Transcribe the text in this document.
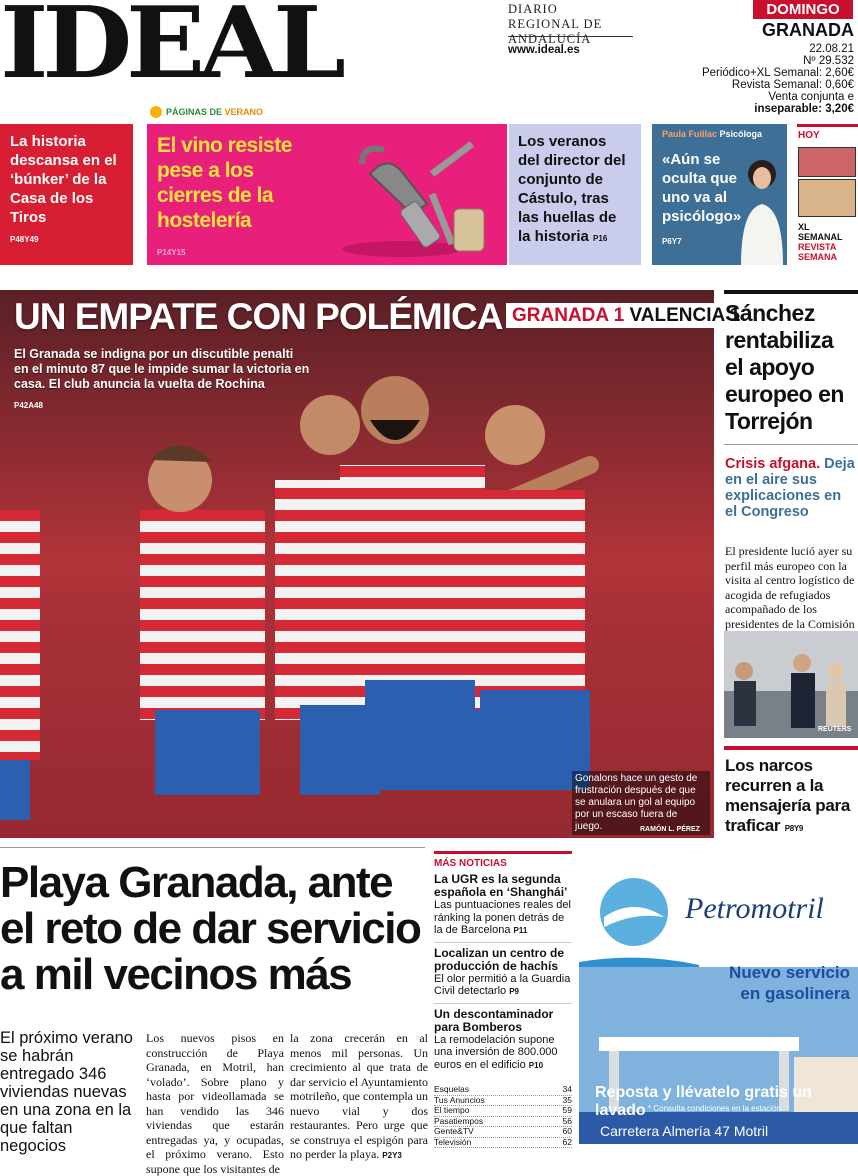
IDEAL	DIARIO REGIONAL DE ANDALUCÍA
www.ideal.es
DOMINGO
GRANADA
22.08.21
Nº 29.532
Periódico+XL Semanal: 2,60€
Revista Semanal: 0,60€
Venta conjunta e
inseparable: 3,20€
La historia descansa en el ‘búnker’ de la Casa de los Tiros
P48Y49
PÁGINAS DE VERANO
El vino resiste pese a los cierres de la hostelería
P14Y15
Los veranos del director del conjunto de Cástulo, tras las huellas de la historia P16
Paula Fuillac Psicóloga
«Aún se oculta que uno va al psicólogo»
P6Y7
HOY
XL
SEMANAL
REVISTA
SEMANA
UN EMPATE CON POLÉMICA GRANADA 1 VALENCIA 1
El Granada se indigna por un discutible penalti en el minuto 87 que le impide sumar la victoria en casa. El club anuncia la vuelta de Rochina
P42A48
Gonalons hace un gesto de frustración después de que se anulara un gol al equipo por un escaso fuera de juego.	RAMÓN L. PÉREZ
Sánchez rentabiliza el apoyo europeo en Torrejón
Crisis afgana. Deja en el aire sus explicaciones en el Congreso
El presidente lució ayer su perfil más europeo con la visita al centro logístico de acogida de refugiados acompañado de los presidentes de la Comisión
REUTERS
Los narcos recurren a la mensajería para traficar P8Y9
Playa Granada, ante el reto de dar servicio a mil vecinos más
El próximo verano se habrán entregado 346 viviendas nuevas en una zona en la que faltan negocios
Los nuevos pisos en construcción de Playa Granada, en Motril, han ‘volado’. Sobre plano y hasta por videollamada se han vendido las 346 viviendas que estarán entregadas ya, y ocupadas, el próximo verano. Esto supone que los visitantes de
la zona crecerán en al menos mil personas. Un crecimiento al que trata de dar servicio el Ayuntamiento motrileño, que contempla un nuevo vial y dos restaurantes. Pero urge que se construya el espigón para no perder la playa. P2Y3
MÁS NOTICIAS
La UGR es la segunda española en ‘Shanghái’

Las puntuaciones reales del ránking la ponen detrás de la de Barcelona P11

Localizan un centro de producción de hachís

El olor permitió a la Guardia Civil detectarlo P9

Un descontaminador para Bomberos

La remodelación supone una inversión de 800.000 euros en el edificio P10

Esquelas	34
Tus Anuncios	35
El tiempo	59
Pasatiempos	56
Gente&TV	60
Televisión	62
Petromotril
Nuevo servicio
en gasolinera
Reposta y llévatelo gratis un lavado * Consulta condiciones en la estación
Carretera Almería 47 Motril
